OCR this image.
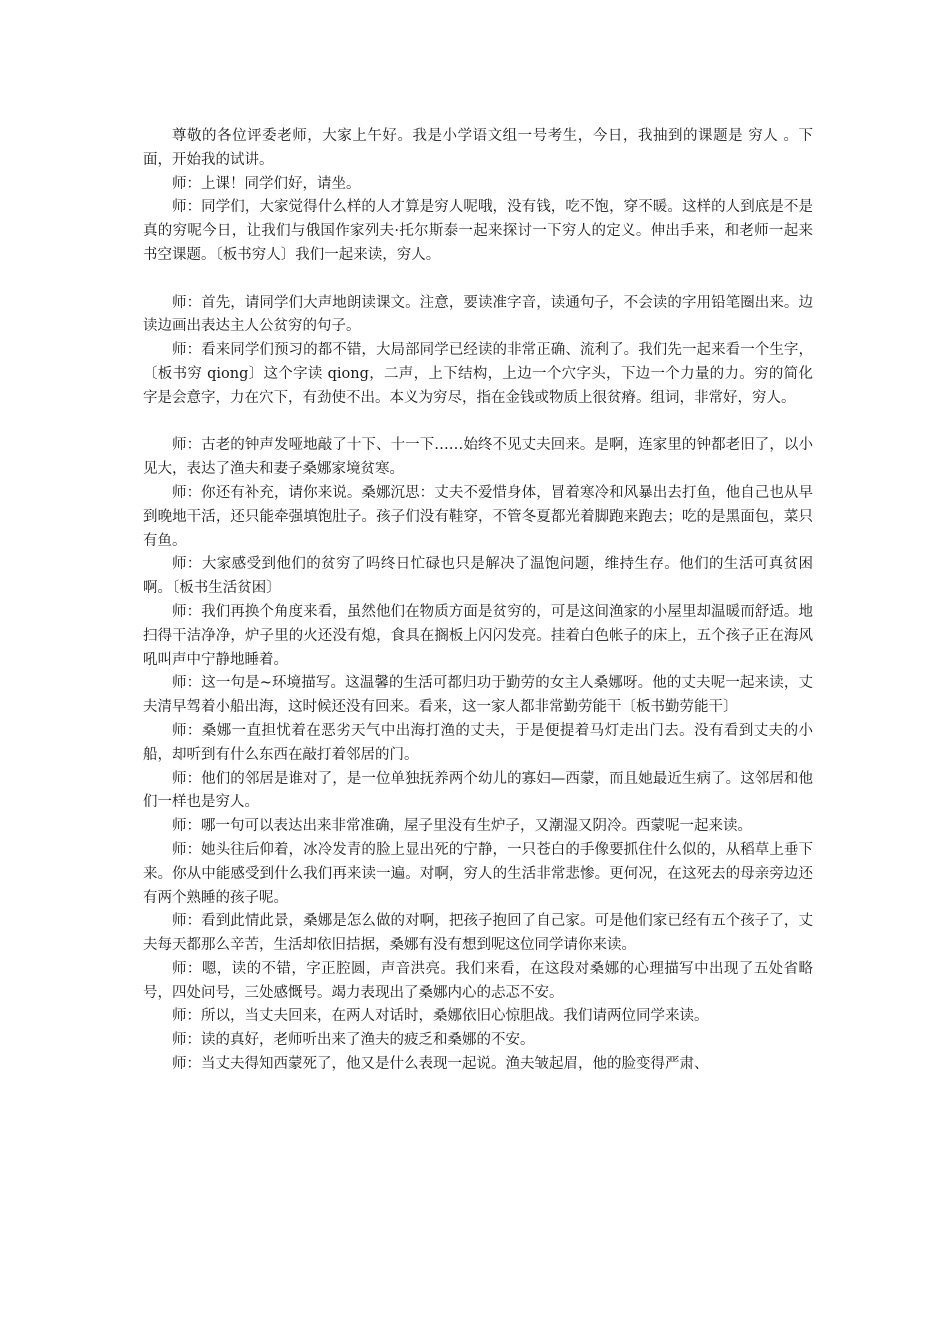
尊敬的各位评委老师，大家上午好。我是小学语文组一号考生，今日，我抽到的课题是 穷人 。下面，开始我的试讲。

师：上课！同学们好，请坐。

师：同学们，大家觉得什么样的人才算是穷人呢哦，没有钱，吃不饱，穿不暖。这样的人到底是不是真的穷呢今日，让我们与俄国作家列夫·托尔斯泰一起来探讨一下穷人的定义。伸出手来，和老师一起来书空课题。〔板书穷人〕我们一起来读，穷人。

师：首先，请同学们大声地朗读课文。注意，要读准字音，读通句子，不会读的字用铅笔圈出来。边读边画出表达主人公贫穷的句子。

师：看来同学们预习的都不错，大局部同学已经读的非常正确、流利了。我们先一起来看一个生字，〔板书穷 qiong〕这个字读 qiong，二声，上下结构，上边一个穴字头，下边一个力量的力。穷的简化字是会意字，力在穴下，有劲使不出。本义为穷尽，指在金钱或物质上很贫瘠。组词，非常好，穷人。

师：古老的钟声发哑地敲了十下、十一下……始终不见丈夫回来。是啊，连家里的钟都老旧了，以小见大，表达了渔夫和妻子桑娜家境贫寒。

师：你还有补充，请你来说。桑娜沉思：丈夫不爱惜身体，冒着寒冷和风暴出去打鱼，他自己也从早到晚地干活，还只能牵强填饱肚子。孩子们没有鞋穿，不管冬夏都光着脚跑来跑去；吃的是黑面包，菜只有鱼。

师：大家感受到他们的贫穷了吗终日忙碌也只是解决了温饱问题，维持生存。他们的生活可真贫困啊。〔板书生活贫困〕

师：我们再换个角度来看，虽然他们在物质方面是贫穷的，可是这间渔家的小屋里却温暖而舒适。地扫得干洁净净，炉子里的火还没有熄，食具在搁板上闪闪发亮。挂着白色帐子的床上，五个孩子正在海风吼叫声中宁静地睡着。

师：这一句是~环境描写。这温馨的生活可都归功于勤劳的女主人桑娜呀。他的丈夫呢一起来读，丈夫清早驾着小船出海，这时候还没有回来。看来，这一家人都非常勤劳能干〔板书勤劳能干〕

师：桑娜一直担忧着在恶劣天气中出海打渔的丈夫，于是便提着马灯走出门去。没有看到丈夫的小船，却听到有什么东西在敲打着邻居的门。

师：他们的邻居是谁对了，是一位单独抚养两个幼儿的寡妇—西蒙，而且她最近生病了。这邻居和他们一样也是穷人。

师：哪一句可以表达出来非常准确，屋子里没有生炉子，又潮湿又阴冷。西蒙呢一起来读。

师：她头往后仰着，冰冷发青的脸上显出死的宁静，一只苍白的手像要抓住什么似的，从稻草上垂下来。你从中能感受到什么我们再来读一遍。对啊，穷人的生活非常悲惨。更何况，在这死去的母亲旁边还有两个熟睡的孩子呢。

师：看到此情此景，桑娜是怎么做的对啊，把孩子抱回了自己家。可是他们家已经有五个孩子了，丈夫每天都那么辛苦，生活却依旧拮据，桑娜有没有想到呢这位同学请你来读。

师：嗯，读的不错，字正腔圆，声音洪亮。我们来看，在这段对桑娜的心理描写中出现了五处省略号，四处问号，三处感慨号。竭力表现出了桑娜内心的忐忑不安。

师：所以，当丈夫回来，在两人对话时，桑娜依旧心惊胆战。我们请两位同学来读。

师：读的真好，老师听出来了渔夫的疲乏和桑娜的不安。

师：当丈夫得知西蒙死了，他又是什么表现一起说。渔夫皱起眉，他的脸变得严肃、
